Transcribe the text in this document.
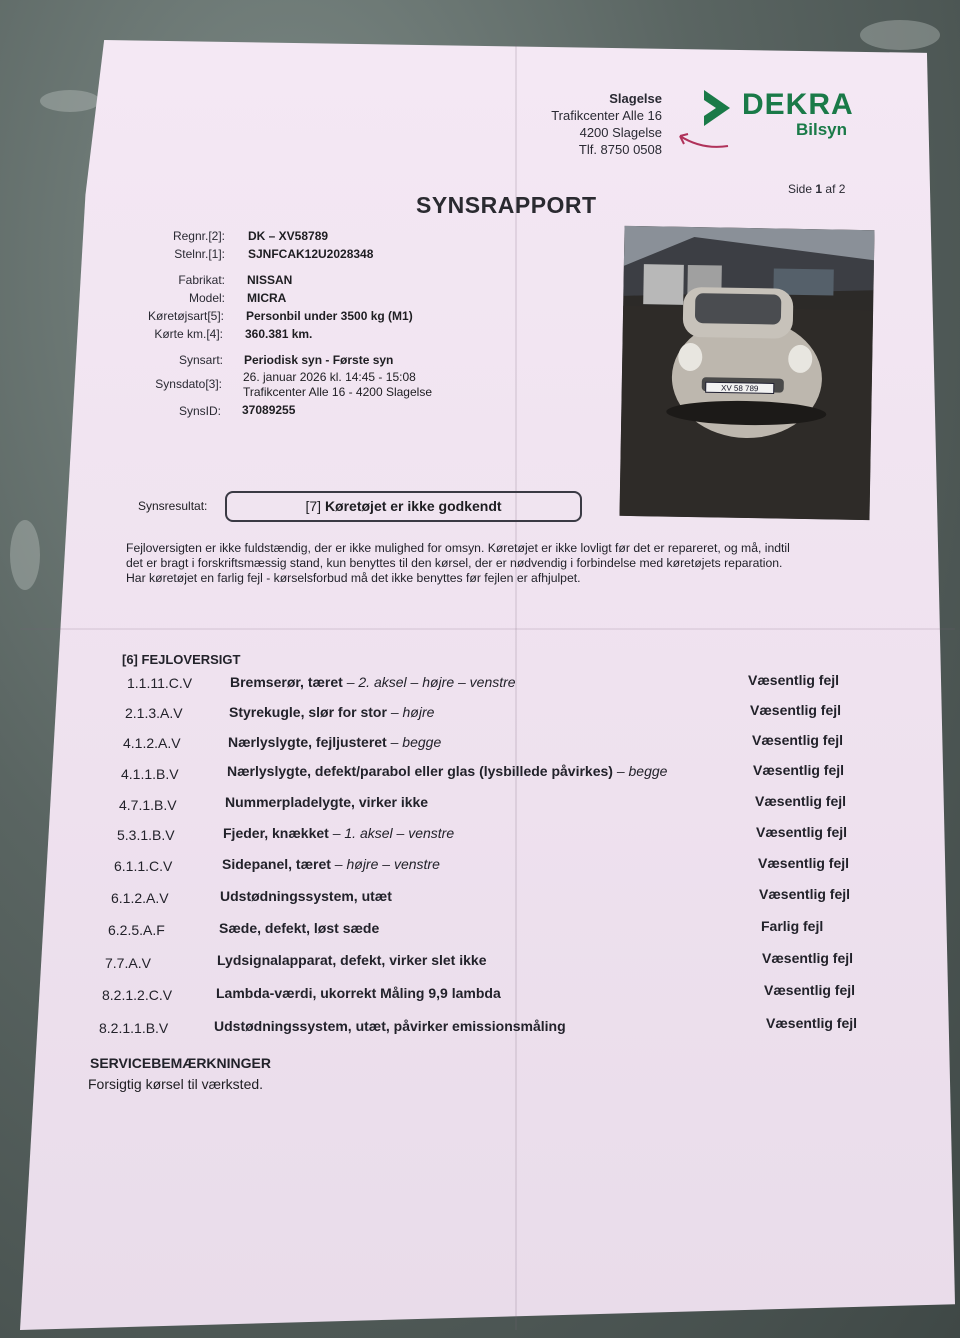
Slagelse
Trafikcenter Alle 16
4200 Slagelse
Tlf. 8750 0508
DEKRA
Bilsyn
SYNSRAPPORT
Side 1 af 2
Regnr.[2]: DK – XV58789
Stelnr.[1]: SJNFCAK12U2028348
Fabrikat: NISSAN
Model: MICRA
Køretøjsart[5]: Personbil under 3500 kg (M1)
Kørte km.[4]: 360.381 km.
Synsart: Periodisk syn - Første syn
Synsdato[3]: 26. januar 2026 kl. 14:45 - 15:08
Trafikcenter Alle 16 - 4200 Slagelse
SynsID: 37089255
XV 58 789
Synsresultat:	[7] Køretøjet er ikke godkendt
Fejloversigten er ikke fuldstændig, der er ikke mulighed for omsyn. Køretøjet er ikke lovligt før det er repareret, og må, indtil
det er bragt i forskriftsmæssig stand, kun benyttes til den kørsel, der er nødvendig i forbindelse med køretøjets reparation.
Har køretøjet en farlig fejl - kørselsforbud må det ikke benyttes før fejlen er afhjulpet.
[6] FEJLOVERSIGT
1.1.11.C.V	Bremserør, tæret – 2. aksel – højre – venstre	Væsentlig fejl
2.1.3.A.V	Styrekugle, slør for stor – højre	Væsentlig fejl
4.1.2.A.V	Nærlyslygte, fejljusteret – begge	Væsentlig fejl
4.1.1.B.V	Nærlyslygte, defekt/parabol eller glas (lysbillede påvirkes) – begge	Væsentlig fejl
4.7.1.B.V	Nummerpladelygte, virker ikke	Væsentlig fejl
5.3.1.B.V	Fjeder, knækket – 1. aksel – venstre	Væsentlig fejl
6.1.1.C.V	Sidepanel, tæret – højre – venstre	Væsentlig fejl
6.1.2.A.V	Udstødningssystem, utæt	Væsentlig fejl
6.2.5.A.F	Sæde, defekt, løst sæde	Farlig fejl
7.7.A.V	Lydsignalapparat, defekt, virker slet ikke	Væsentlig fejl
8.2.1.2.C.V	Lambda-værdi, ukorrekt Måling 9,9 lambda	Væsentlig fejl
8.2.1.1.B.V	Udstødningssystem, utæt, påvirker emissionsmåling	Væsentlig fejl
SERVICEBEMÆRKNINGER
Forsigtig kørsel til værksted.
